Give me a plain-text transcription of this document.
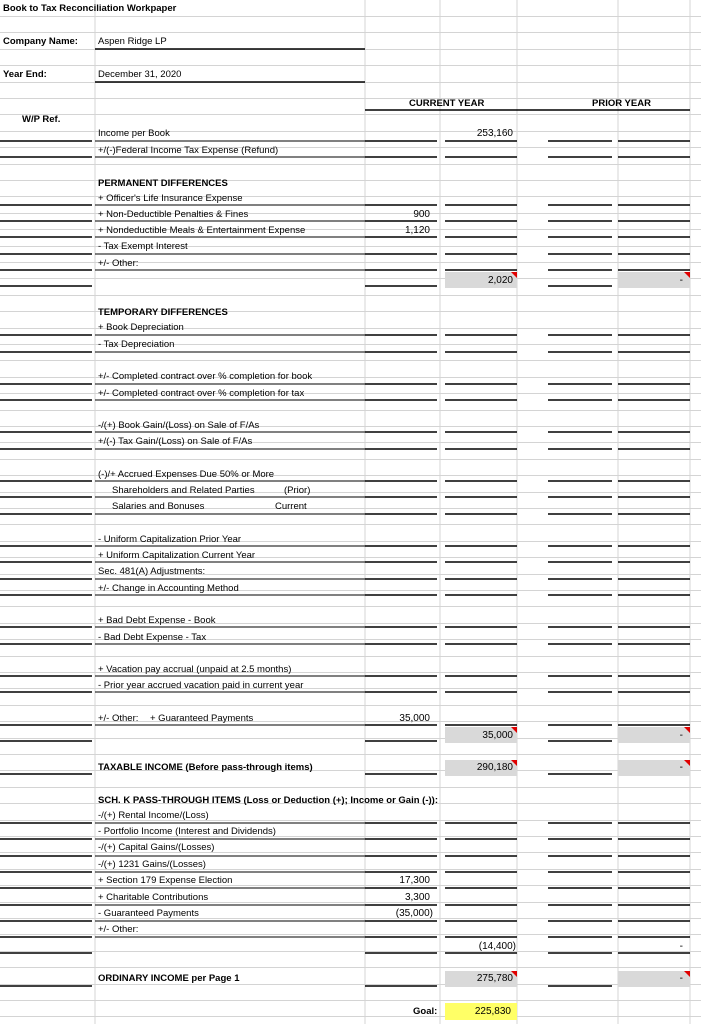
Book to Tax Reconciliation Workpaper
Company Name: Aspen Ridge LP
Year End:	December 31, 2020
CURRENT YEAR	PRIOR YEAR
W/P Ref.
Income per Book	253,160
+/(-)Federal Income Tax Expense (Refund)
PERMANENT DIFFERENCES
+ Officer's Life Insurance Expense
+ Non-Deductible Penalties & Fines	900
+ Nondeductible Meals & Entertainment Expense	1,120
- Tax Exempt Interest
+/- Other:
2,020	-
TEMPORARY DIFFERENCES
+ Book Depreciation
- Tax Depreciation
+/- Completed contract over % completion for book
+/- Completed contract over % completion for tax
-/(+) Book Gain/(Loss) on Sale of F/As
+/(-) Tax Gain/(Loss) on Sale of F/As
(-)/+ Accrued Expenses Due 50% or More
Shareholders and Related Parties	(Prior)
Salaries and Bonuses	Current
- Uniform Capitalization Prior Year
+ Uniform Capitalization Current Year
Sec. 481(A) Adjustments:
+/- Change in Accounting Method
+ Bad Debt Expense - Book
- Bad Debt Expense - Tax
+ Vacation pay accrual (unpaid at 2.5 months)
- Prior year accrued vacation paid in current year
+/- Other: + Guaranteed Payments	35,000
35,000	-
TAXABLE INCOME (Before pass-through items)	290,180	-
SCH. K PASS-THROUGH ITEMS (Loss or Deduction (+); Income or Gain (-)):
-/(+) Rental Income/(Loss)
- Portfolio Income (Interest and Dividends)
-/(+) Capital Gains/(Losses)
-/(+) 1231 Gains/(Losses)
+ Section 179 Expense Election	17,300
+ Charitable Contributions	3,300
- Guaranteed Payments	(35,000)
+/- Other:
(14,400)	-
ORDINARY INCOME per Page 1	275,780	-
Goal:	225,830
